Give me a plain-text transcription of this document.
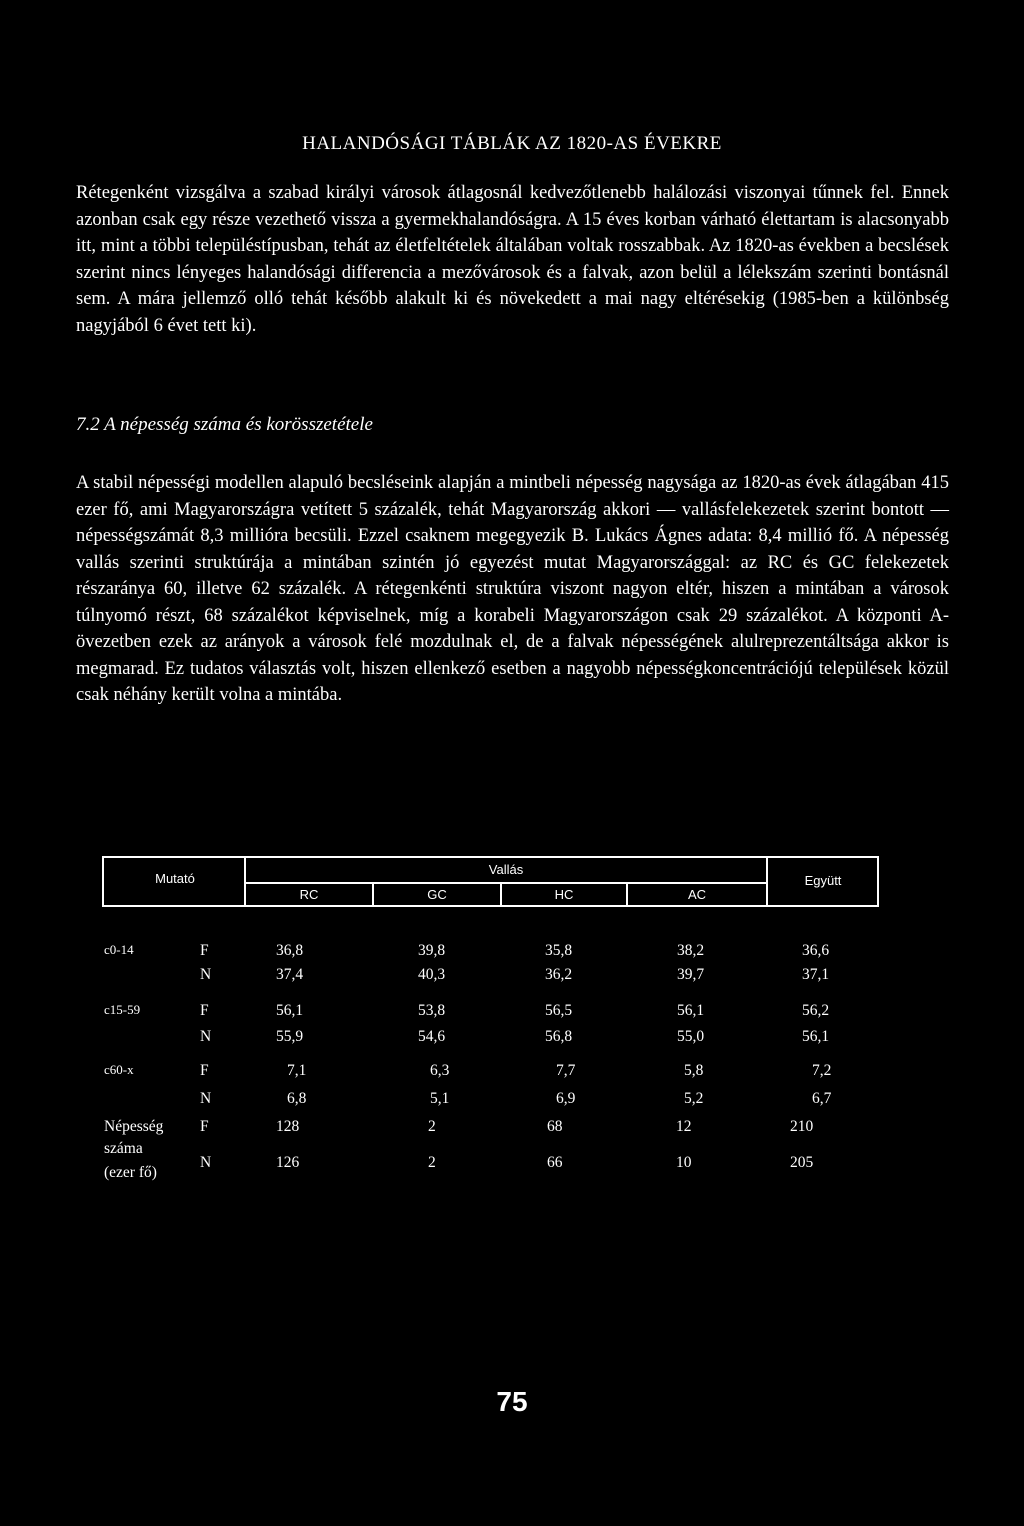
HALANDÓSÁGI TÁBLÁK AZ 1820-AS ÉVEKRE

Rétegenként vizsgálva a szabad királyi városok átlagosnál kedvezőtlenebb halálozási viszonyai tűnnek fel. Ennek azonban csak egy része vezethető vissza a gyermekhalandóságra. A 15 éves korban várható élettartam is alacsonyabb itt, mint a többi településtípusban, tehát az életfeltételek általában voltak rosszabbak. Az 1820-as években a becslések szerint nincs lényeges halandósági differencia a mezővárosok és a falvak, azon belül a lélekszám szerinti bontásnál sem. A mára jellemző olló tehát később alakult ki és növekedett a mai nagy eltérésekig (1985-ben a különbség nagyjából 6 évet tett ki).

7.2 A népesség száma és korösszetétele

A stabil népességi modellen alapuló becsléseink alapján a mintbeli népesség nagysága az 1820-as évek átlagában 415 ezer fő, ami Magyarországra vetített 5 százalék, tehát Magyarország akkori — vallásfelekezetek szerint bontott — népességszámát 8,3 millióra becsüli. Ezzel csaknem megegyezik B. Lukács Ágnes adata: 8,4 millió fő. A népesség vallás szerinti struktúrája a mintában szintén jó egyezést mutat Magyarországgal: az RC és GC felekezetek részaránya 60, illetve 62 százalék. A rétegenkénti struktúra viszont nagyon eltér, hiszen a mintában a városok túlnyomó részt, 68 százalékot képviselnek, míg a korabeli Magyarországon csak 29 százalékot. A központi A-övezetben ezek az arányok a városok felé mozdulnak el, de a falvak népességének alulreprezentáltsága akkor is megmarad. Ez tudatos választás volt, hiszen ellenkező esetben a nagyobb népességkoncentrációjú települések közül csak néhány került volna a mintába.

Mutató
Vallás
RC	GC	HC	AC
Együtt
c0-14	F	36,8	39,8	35,8	38,2	36,6
N	37,4	40,3	36,2	39,7	37,1
c15-59	F	56,1	53,8	56,5	56,1	56,2
N	55,9	54,6	56,8	55,0	56,1
c60-x	F	7,1	6,3	7,7	5,8	7,2
N	6,8	5,1	6,9	5,2	6,7
Népesség
száma
(ezer fő)
F	128	2	68	12	210
N	126	2	66	10	205
75
